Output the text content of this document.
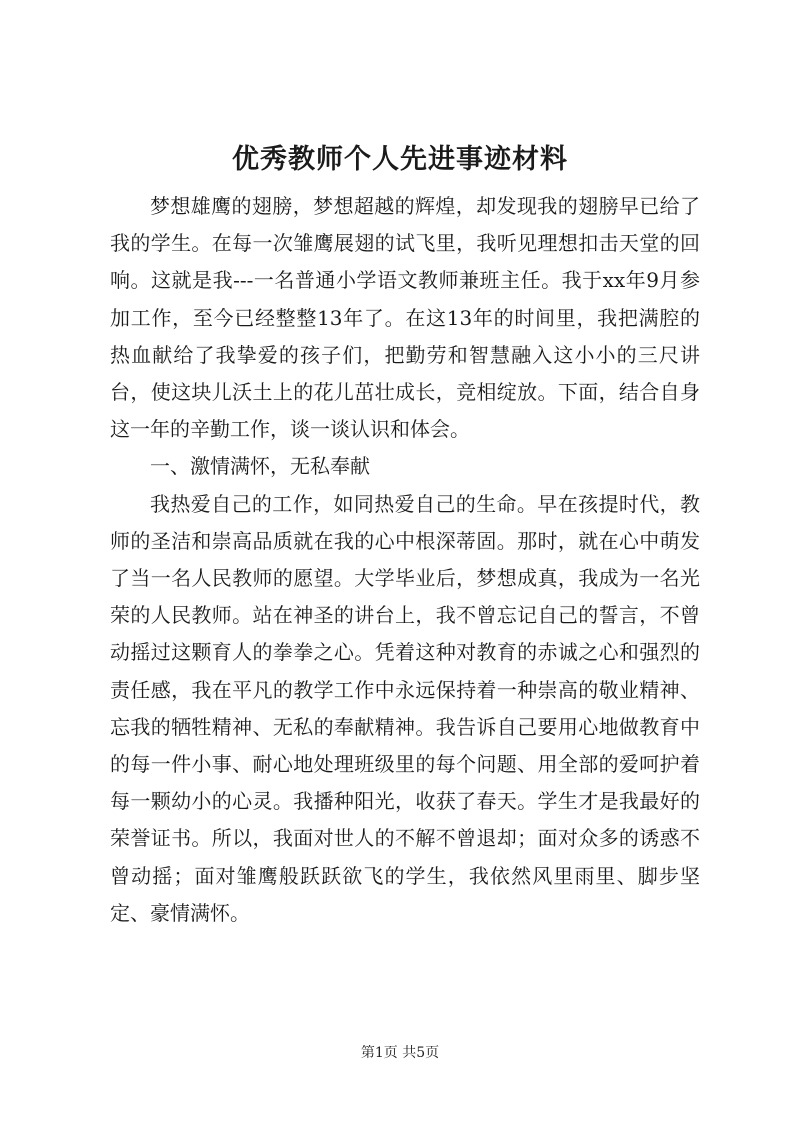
优秀教师个人先进事迹材料

梦想雄鹰的翅膀，梦想超越的辉煌，却发现我的翅膀早已给了我的学生。在每一次雏鹰展翅的试飞里，我听见理想扣击天堂的回响。这就是我---一名普通小学语文教师兼班主任。我于xx年9月参加工作，至今已经整整13年了。在这13年的时间里，我把满腔的热血献给了我挚爱的孩子们，把勤劳和智慧融入这小小的三尺讲台，使这块儿沃土上的花儿茁壮成长，竞相绽放。下面，结合自身这一年的辛勤工作，谈一谈认识和体会。

一、激情满怀，无私奉献

我热爱自己的工作，如同热爱自己的生命。早在孩提时代，教师的圣洁和崇高品质就在我的心中根深蒂固。那时，就在心中萌发了当一名人民教师的愿望。大学毕业后，梦想成真，我成为一名光荣的人民教师。站在神圣的讲台上，我不曾忘记自己的誓言，不曾动摇过这颗育人的拳拳之心。凭着这种对教育的赤诚之心和强烈的责任感，我在平凡的教学工作中永远保持着一种崇高的敬业精神、忘我的牺牲精神、无私的奉献精神。我告诉自己要用心地做教育中的每一件小事、耐心地处理班级里的每个问题、用全部的爱呵护着每一颗幼小的心灵。我播种阳光，收获了春天。学生才是我最好的荣誉证书。所以，我面对世人的不解不曾退却；面对众多的诱惑不曾动摇；面对雏鹰般跃跃欲飞的学生，我依然风里雨里、脚步坚定、豪情满怀。

第1页 共5页
